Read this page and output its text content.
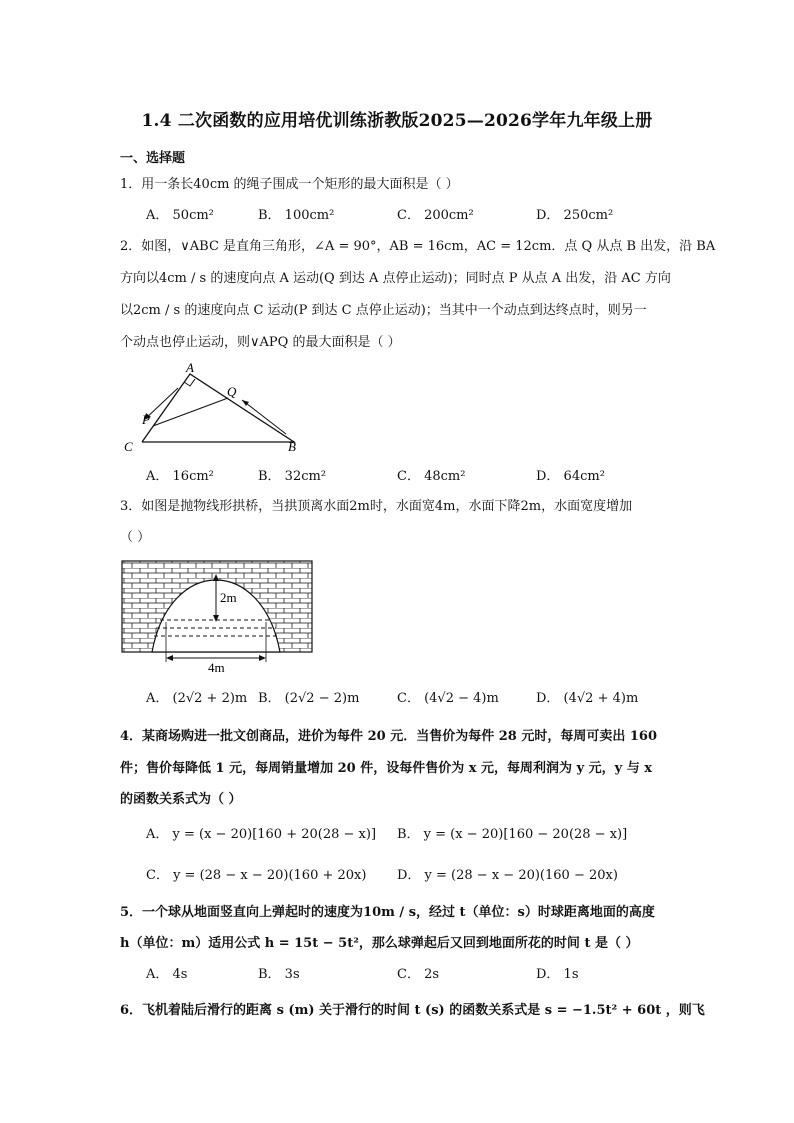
1.4 二次函数的应用培优训练浙教版2025—2026学年九年级上册
一、选择题
1．用一条长40cm 的绳子围成一个矩形的最大面积是（ ）
A． 50cm²	B． 100cm²	C． 200cm²	D． 250cm²
2．如图，∨ABC 是直角三角形，∠A = 90°，AB = 16cm，AC = 12cm．点 Q 从点 B 出发，沿 BA
方向以4cm / s 的速度向点 A 运动(Q 到达 A 点停止运动)；同时点 P 从点 A 出发，沿 AC 方向
以2cm / s 的速度向点 C 运动(P 到达 C 点停止运动)；当其中一个动点到达终点时，则另一
个动点也停止运动，则∨APQ 的最大面积是（ ）
A
Q
P
C	B
A． 16cm²	B． 32cm²	C． 48cm²	D． 64cm²
3．如图是抛物线形拱桥，当拱顶离水面2m时，水面宽4m，水面下降2m，水面宽度增加
（ ）
2m
4m
A． (2√2 + 2)m B． (2√2 − 2)m	C． (4√2 − 4)m	D． (4√2 + 4)m
4．某商场购进一批文创商品，进价为每件 20 元．当售价为每件 28 元时，每周可卖出 160
件；售价每降低 1 元，每周销量增加 20 件，设每件售价为 x 元，每周利润为 y 元，y 与 x
的函数关系式为（ ）
A． y = (x − 20)[160 + 20(28 − x)] B． y = (x − 20)[160 − 20(28 − x)]
C． y = (28 − x − 20)(160 + 20x) D． y = (28 − x − 20)(160 − 20x)
5．一个球从地面竖直向上弹起时的速度为10m / s，经过 t（单位：s）时球距离地面的高度
h（单位：m）适用公式 h = 15t − 5t²，那么球弹起后又回到地面所花的时间 t 是（ ）
A． 4s	B． 3s	C． 2s	D． 1s
6．飞机着陆后滑行的距离 s (m) 关于滑行的时间 t (s) 的函数关系式是 s = −1.5t² + 60t ，则飞
